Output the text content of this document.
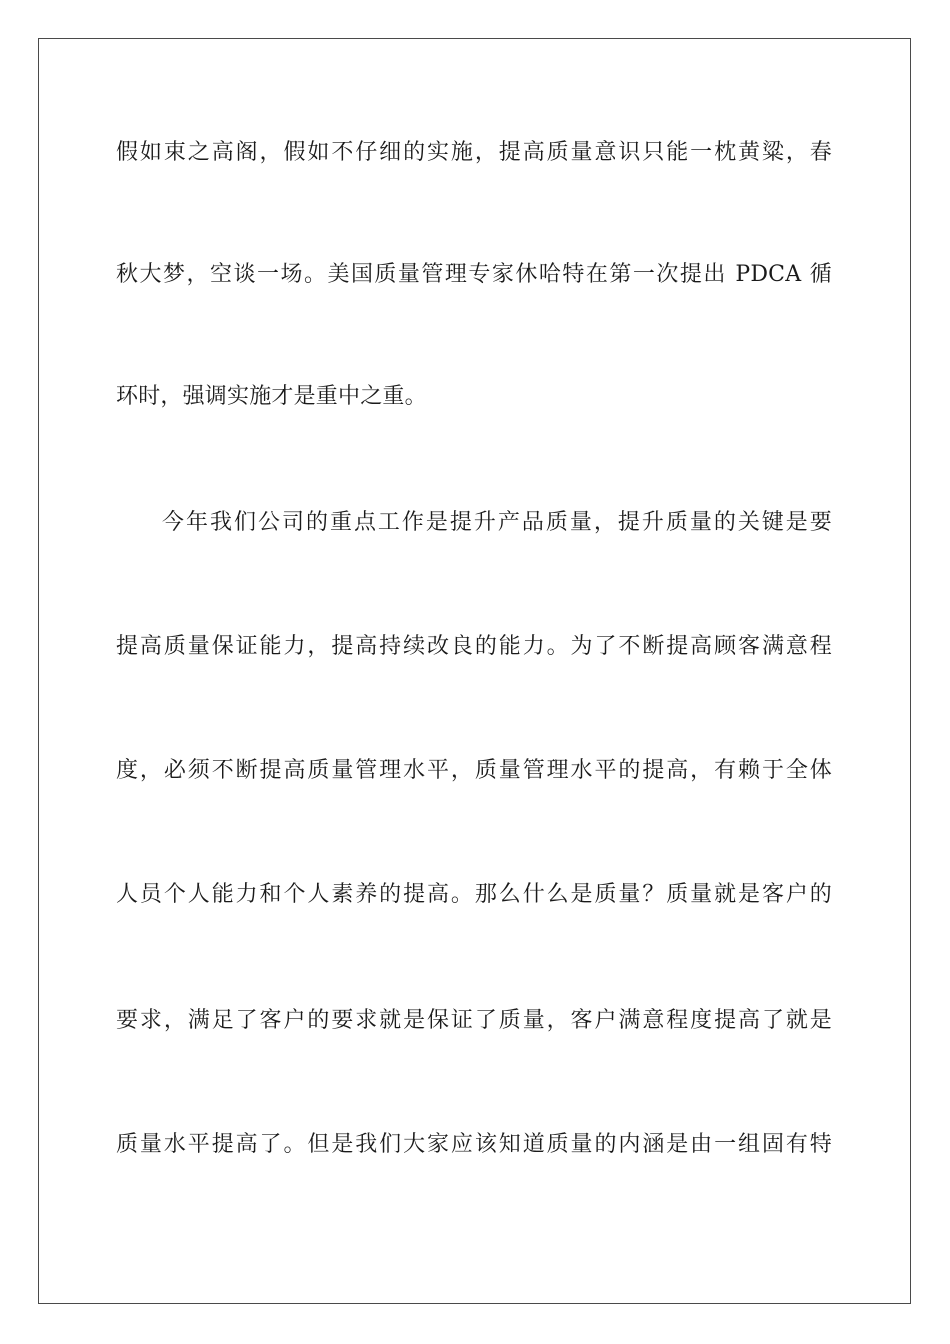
假如束之高阁，假如不仔细的实施，提高质量意识只能一枕黄粱，春
秋大梦，空谈一场。美国质量管理专家休哈特在第一次提出 PDCA 循
环时，强调实施才是重中之重。
今年我们公司的重点工作是提升产品质量，提升质量的关键是要
提高质量保证能力，提高持续改良的能力。为了不断提高顾客满意程
度，必须不断提高质量管理水平，质量管理水平的提高，有赖于全体
人员个人能力和个人素养的提高。那么什么是质量？质量就是客户的
要求，满足了客户的要求就是保证了质量，客户满意程度提高了就是
质量水平提高了。但是我们大家应该知道质量的内涵是由一组固有特
